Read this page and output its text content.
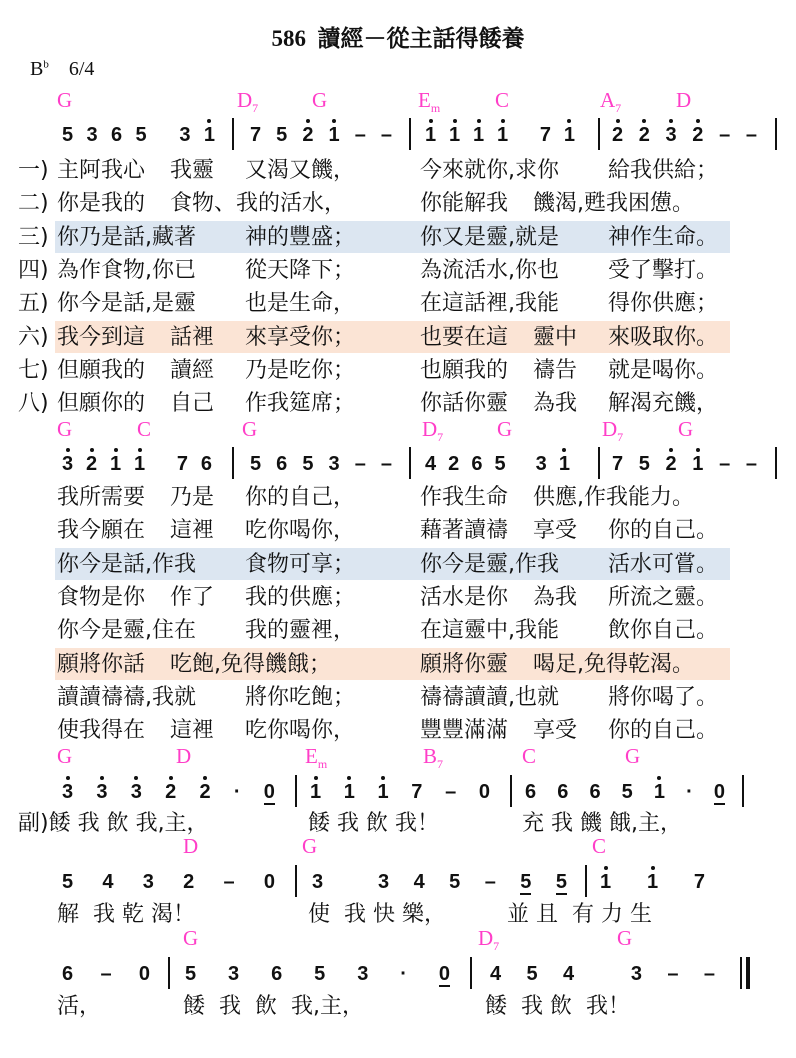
586  讀經－從主話得餧養
$B^b$ 6/4
G	$D_7$	G	$E_m$	C	$A_7$	D
5 3 6 5 3 1 7 5 2 1 – – 1 1 1 1 7 1 2 2 3 2 – –
一) 主阿我心 我靈 又渴又饑，	今來就你,求你 給我供給；
二) 你是我的 食物、我的活水，	你能解我 饑渴,甦我困憊。
三) 你乃是話,藏著 神的豐盛；	你又是靈,就是 神作生命。
四) 為作食物,你已 從天降下；	為流活水,你也 受了擊打。
五) 你今是話,是靈 也是生命，	在這話裡,我能 得你供應；
六) 我今到這 話裡 來享受你；	也要在這 靈中 來吸取你。
七) 但願我的 讀經 乃是吃你；	也願我的 禱告 就是喝你。
八) 但願你的 自己 作我筵席；	你話你靈 為我 解渴充饑，
G	C	G	$D_7$	G	$D_7$	G
3 2 1 1 7 6 5 6 5 3 – – 4 2 6 5 3 1 7 5 2 1 – –
我所需要 乃是 你的自己，	作我生命 供應,作我能力。
我今願在 這裡 吃你喝你，	藉著讀禱 享受 你的自己。
你今是話,作我 食物可享；	你今是靈,作我 活水可嘗。
食物是你 作了 我的供應；	活水是你 為我 所流之靈。
你今是靈,住在 我的靈裡，	在這靈中,我能 飲你自己。
願將你話 吃飽,免得饑餓；	願將你靈 喝足,免得乾渴。
讀讀禱禱,我就 將你吃飽；	禱禱讀讀,也就 將你喝了。
使我得在 這裡 吃你喝你，	豐豐滿滿 享受 你的自己。
G	D	$E_m$	$B_7$	C	G
3 3 3 2 2 · 0 1 1 1 7 – 0 6 6 6 5 1 · 0
副)餧 我 飲 我,主，	餧 我 飲 我！	充 我 饑 餓,主，
D	G	C
5 4 3 2 – 0 3	3 4 5 – 5 5 1 1 7
解  我 乾 渴！	使  我 快 樂，	並 且  有 力 生
G	$D_7$	G
6 – 0 5 3 6 5 3 · 0 4 5 4	3 – –
活，	餧  我  飲  我,主，	餧  我 飲  我！
